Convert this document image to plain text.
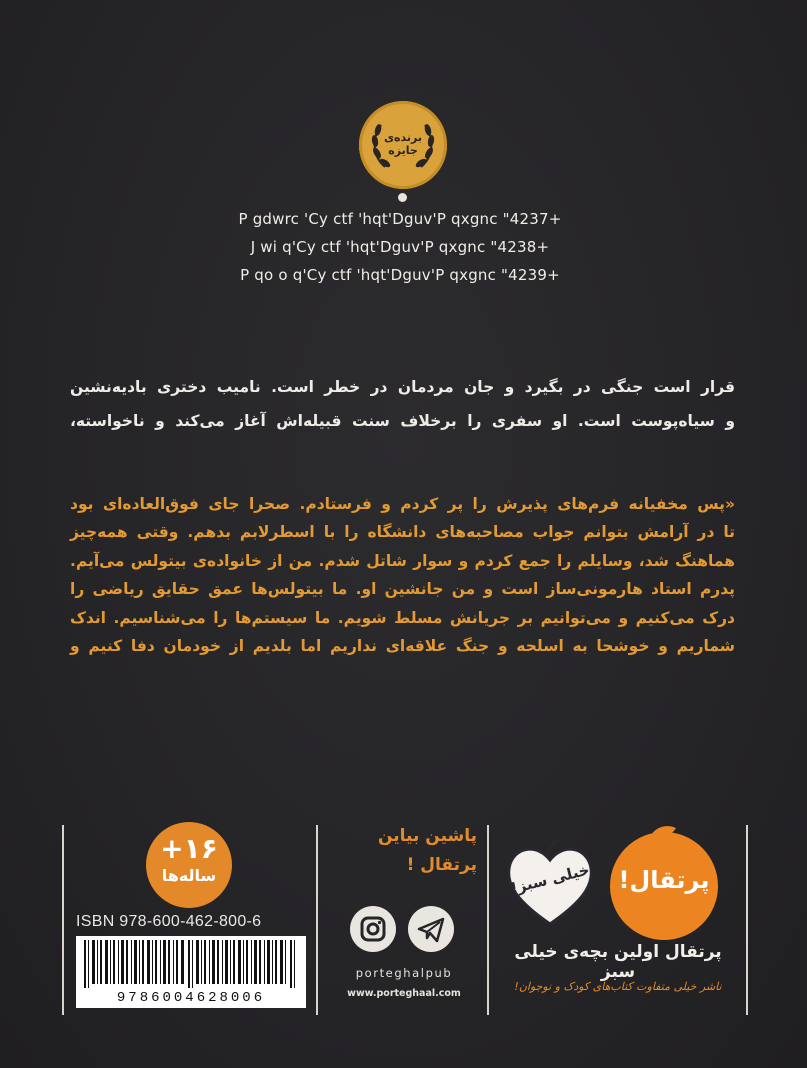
برنده‌ی
جایزه
P gdwrc 'Cy ctf 'hqt'Dguv'P qxgnc "4237+
J wi q'Cy ctf 'hqt'Dguv'P qxgnc "4238+
P qo o q'Cy ctf 'hqt'Dguv'P qxgnc "4239+

قرار است جنگی در بگیرد و جان مردمان در خطر است. نامیب دختری بادیه‌نشین

و سیاه‌پوست است. او سفری را برخلاف سنت قبیله‌اش آغاز می‌کند و ناخواسته،

«پس مخفیانه فرم‌های پذیرش را پر کردم و فرستادم. صحرا جای فوق‌العاده‌ای بود

تا در آرامش بتوانم جواب مصاحبه‌های دانشگاه را با اسطرلابم بدهم. وقتی همه‌چیز

هماهنگ شد، وسایلم را جمع کردم و سوار شاتل شدم. من از خانواده‌ی بیتولس می‌آیم.

پدرم استاد هارمونی‌ساز است و من جانشین او. ما بیتولس‌ها عمق حقایق ریاضی را

درک می‌کنیم و می‌توانیم بر جریانش مسلط شویم. ما سیستم‌ها را می‌شناسیم. اندک

شماریم و خوشحا به اسلحه و جنگ علاقه‌ای نداریم اما بلدیم از خودمان دفا کنیم و

+۱۶
ساله‌ها
ISBN 978-600-462-800-6
9786004628006
پاشین بیاین
پرتقال !
porteghalpub
www.porteghaal.com
پرتقال!
خیلی سبز!
پرتقال اولین بچه‌ی خیلی سبز
ناشر خیلی متفاوت کتاب‌های کودک و نوجوان!
